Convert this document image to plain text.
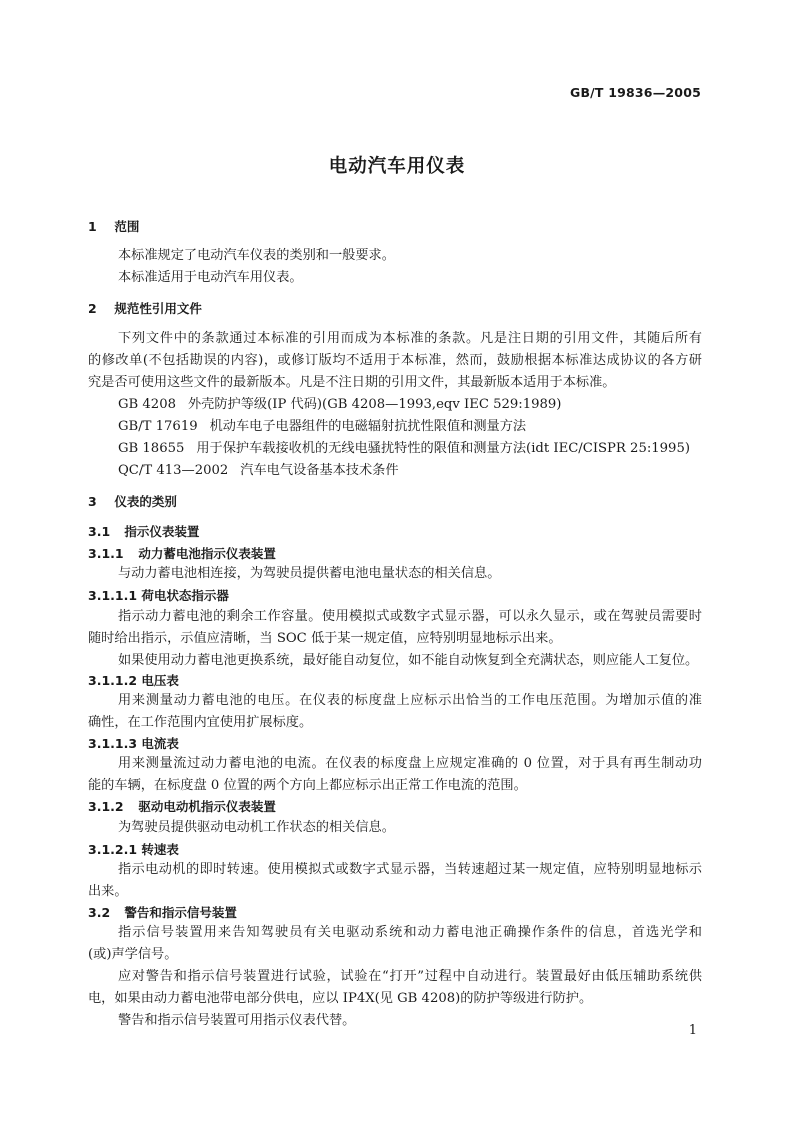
GB/T 19836—2005
电动汽车用仪表
1 范围
本标准规定了电动汽车仪表的类别和一般要求。
本标准适用于电动汽车用仪表。
2 规范性引用文件
下列文件中的条款通过本标准的引用而成为本标准的条款。凡是注日期的引用文件，其随后所有
的修改单(不包括勘误的内容)，或修订版均不适用于本标准，然而，鼓励根据本标准达成协议的各方研
究是否可使用这些文件的最新版本。凡是不注日期的引用文件，其最新版本适用于本标准。
GB 4208 外壳防护等级(IP 代码)(GB 4208—1993,eqv IEC 529:1989)
GB/T 17619 机动车电子电器组件的电磁辐射抗扰性限值和测量方法
GB 18655 用于保护车载接收机的无线电骚扰特性的限值和测量方法(idt IEC/CISPR 25:1995)
QC/T 413—2002 汽车电气设备基本技术条件
3 仪表的类别
3.1 指示仪表装置
3.1.1 动力蓄电池指示仪表装置
与动力蓄电池相连接，为驾驶员提供蓄电池电量状态的相关信息。
3.1.1.1 荷电状态指示器
指示动力蓄电池的剩余工作容量。使用模拟式或数字式显示器，可以永久显示，或在驾驶员需要时
随时给出指示，示值应清晰，当 SOC 低于某一规定值，应特别明显地标示出来。
如果使用动力蓄电池更换系统，最好能自动复位，如不能自动恢复到全充满状态，则应能人工复位。
3.1.1.2 电压表
用来测量动力蓄电池的电压。在仪表的标度盘上应标示出恰当的工作电压范围。为增加示值的准
确性，在工作范围内宜使用扩展标度。
3.1.1.3 电流表
用来测量流过动力蓄电池的电流。在仪表的标度盘上应规定准确的 0 位置，对于具有再生制动功
能的车辆，在标度盘 0 位置的两个方向上都应标示出正常工作电流的范围。
3.1.2 驱动电动机指示仪表装置
为驾驶员提供驱动电动机工作状态的相关信息。
3.1.2.1 转速表
指示电动机的即时转速。使用模拟式或数字式显示器，当转速超过某一规定值，应特别明显地标示
出来。
3.2 警告和指示信号装置
指示信号装置用来告知驾驶员有关电驱动系统和动力蓄电池正确操作条件的信息，首选光学和
(或)声学信号。
应对警告和指示信号装置进行试验，试验在“打开”过程中自动进行。装置最好由低压辅助系统供
电，如果由动力蓄电池带电部分供电，应以 IP4X(见 GB 4208)的防护等级进行防护。
警告和指示信号装置可用指示仪表代替。
1
